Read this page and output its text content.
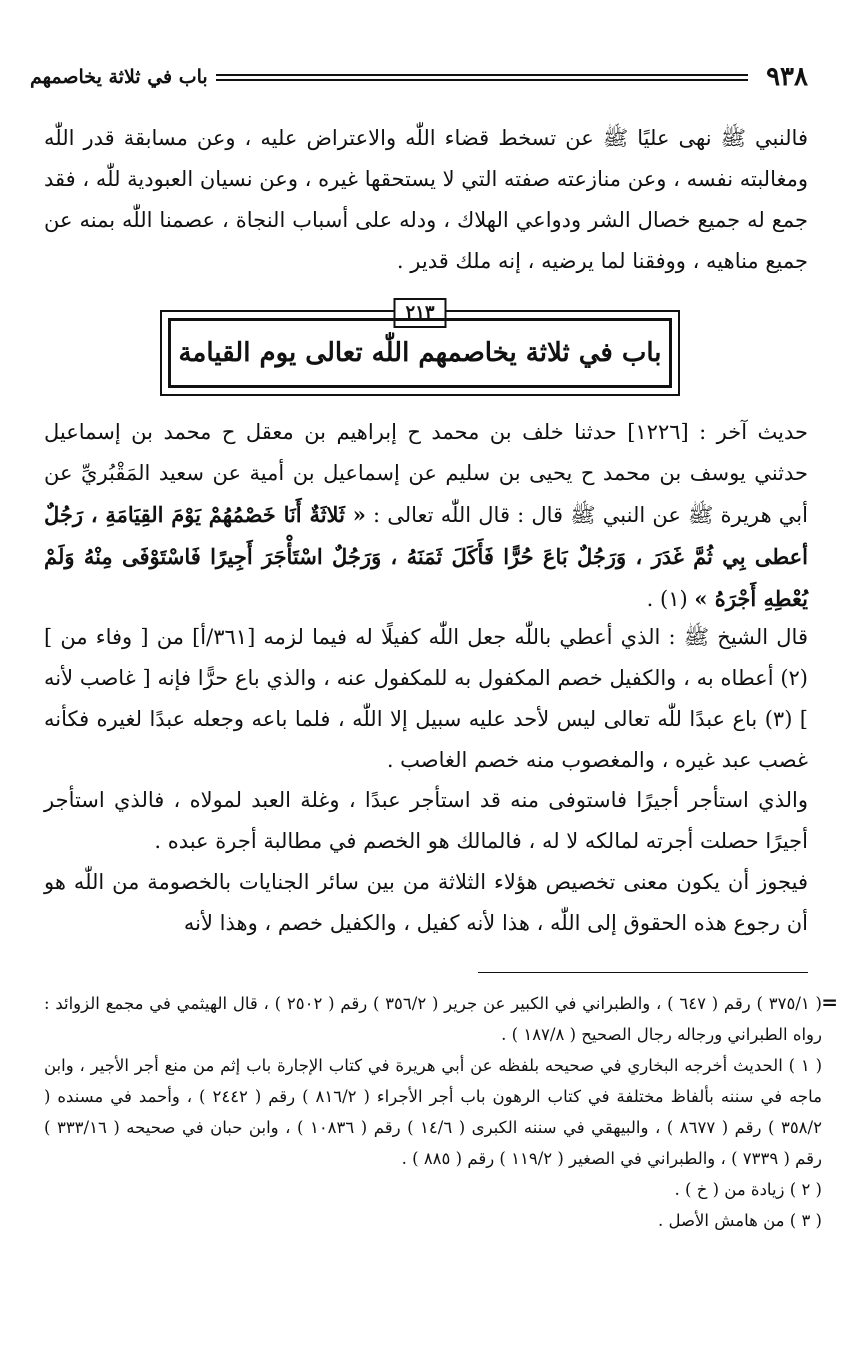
٩٣٨
باب في ثلاثة يخاصمهم

فالنبي ﷺ نهى عليًا ﷺ عن تسخط قضاء اللّٰه والاعتراض عليه ، وعن مسابقة قدر اللّٰه ومغالبته نفسه ، وعن منازعته صفته التي لا يستحقها غيره ، وعن نسيان العبودية للّٰه ، فقد جمع له جميع خصال الشر ودواعي الهلاك ، ودله على أسباب النجاة ، عصمنا اللّٰه بمنه عن جميع مناهيه ، ووفقنا لما يرضيه ، إنه ملك قدير .

٢١٣
باب في ثلاثة يخاصمهم اللّٰه تعالى يوم القيامة

حديث آخر : [١٢٢٦] حدثنا خلف بن محمد ح إبراهيم بن معقل ح محمد بن إسماعيل حدثني يوسف بن محمد ح يحيى بن سليم عن إسماعيل بن أمية عن سعيد المَقْبُريِّ عن أبي هريرة ﷺ عن النبي ﷺ قال : قال اللّٰه تعالى : « ثَلاثَةٌ أَنَا خَصْمُهُمْ يَوْمَ القِيَامَةِ ، رَجُلٌ أعطى بِي ثُمَّ غَدَرَ ، وَرَجُلٌ بَاعَ حُرًّا فَأَكَلَ ثَمَنَهُ ، وَرَجُلٌ اسْتَأْجَرَ أَجِيرًا فَاسْتَوْفَى مِنْهُ وَلَمْ يُعْطِهِ أَجْرَهُ » (١) .

قال الشيخ ﷺ : الذي أعطي باللّٰه جعل اللّٰه كفيلًا له فيما لزمه [٣٦١/أ] من [ وفاء من ] (٢) أعطاه به ، والكفيل خصم المكفول به للمكفول عنه ، والذي باع حرًّا فإنه [ غاصب لأنه ] (٣) باع عبدًا للّٰه تعالى ليس لأحد عليه سبيل إلا اللّٰه ، فلما باعه وجعله عبدًا لغيره فكأنه غصب عبد غيره ، والمغصوب منه خصم الغاصب .

والذي استأجر أجيرًا فاستوفى منه قد استأجر عبدًا ، وغلة العبد لمولاه ، فالذي استأجر أجيرًا حصلت أجرته لمالكه لا له ، فالمالك هو الخصم في مطالبة أجرة عبده .

فيجوز أن يكون معنى تخصيص هؤلاء الثلاثة من بين سائر الجنايات بالخصومة من اللّٰه هو أن رجوع هذه الحقوق إلى اللّٰه ، هذا لأنه كفيل ، والكفيل خصم ، وهذا لأنه

=

( ٣٧٥/١ ) رقم ( ٦٤٧ ) ، والطبراني في الكبير عن جرير ( ٣٥٦/٢ ) رقم ( ٢٥٠٢ ) ، قال الهيثمي في مجمع الزوائد : رواه الطبراني ورجاله رجال الصحيح ( ١٨٧/٨ ) .

( ١ ) الحديث أخرجه البخاري في صحيحه بلفظه عن أبي هريرة في كتاب الإجارة باب إثم من منع أجر الأجير ، وابن ماجه في سننه بألفاظ مختلفة في كتاب الرهون باب أجر الأجراء ( ٨١٦/٢ ) رقم ( ٢٤٤٢ ) ، وأحمد في مسنده ( ٣٥٨/٢ ) رقم ( ٨٦٧٧ ) ، والبيهقي في سننه الكبرى ( ١٤/٦ ) رقم ( ١٠٨٣٦ ) ، وابن حبان في صحيحه ( ٣٣٣/١٦ ) رقم ( ٧٣٣٩ ) ، والطبراني في الصغير ( ١١٩/٢ ) رقم ( ٨٨٥ ) .

( ٢ ) زيادة من ( خ ) .

( ٣ ) من هامش الأصل .
